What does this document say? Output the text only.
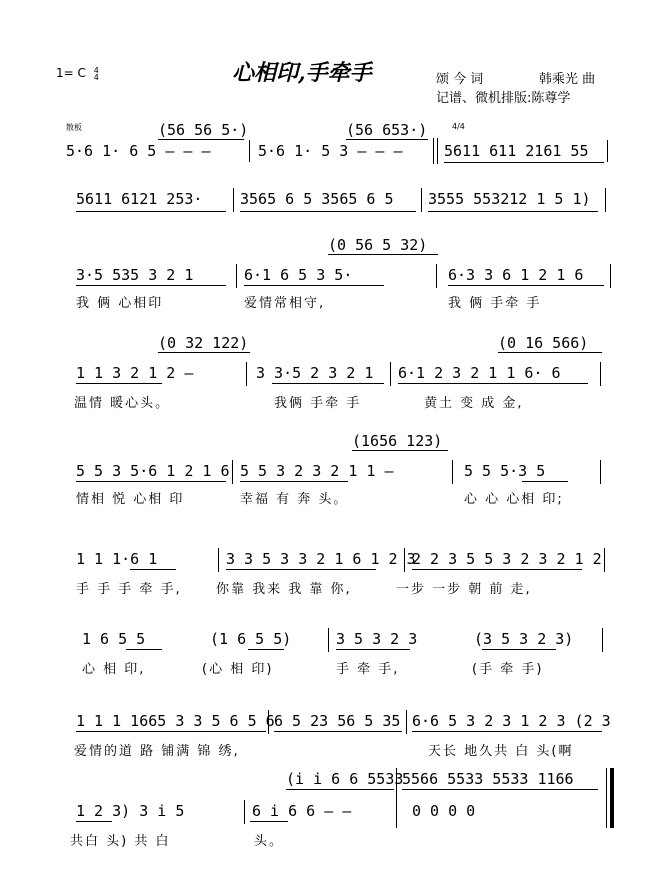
1= C 4
4	心相印,手牵手	颂 今 词	韩乘光 曲
记谱、微机排版:陈尊学
散板	4/4
(56 56 5·)	(56 653·)
5·6 1· 6 5 — — —	5·6 1· 5 3 — — —	5611 611 2161 55
5611 6121 253·	3565 6 5 3565 6 5 3555 553212 1 5 1)
(0 56 5 32)
3·5 535 3 2 1	6·1 6 5 3 5·	6·3 3 6 1 2 1 6
我 俩 心相印	爱情常相守,	我 俩 手牵 手
(0 32 122)	(0 16 566)
1 1 3 2 1 2 —	3 3·5 2 3 2 1 6·1 2 3 2 1 1 6· 6
温情 暖心头。	我俩 手牵 手	黄土 变 成 金,
(1656 123)
5 5 3 5·6 1 2 1 6 5 5 3 2 3 2 1 1 —	5 5 5·3 5
情相 悦 心相 印	幸福 有 奔 头。	心 心 心相 印;
1 1 1·6 1	3 3 5 3 3 2 1 6 1 2 3
2 2 3 5 5 3 2 3 2 1 2
手 手 手 牵 手,	你靠 我来 我 靠 你,	一步 一步 朝 前 走,
1 6 5 5	(1 6 5 5)	3 5 3 2 3	(3 5 3 2 3)
心 相 印,	(心 相 印)	手 牵 手,	(手 牵 手)
1 1 1 1665 3 3 5 6 5 6 6 5 23 56 5 35 6·6 5 3 2 3 1 2 3 (2 3
爱情的道 路 铺满 锦 绣,	天长 地久共 白 头(啊
(i i 6 6 5533
5566 5533 5533 1166
1 2 3) 3 i 5	6 i 6 6 — —	0 0 0 0
共白 头) 共 白	头。
